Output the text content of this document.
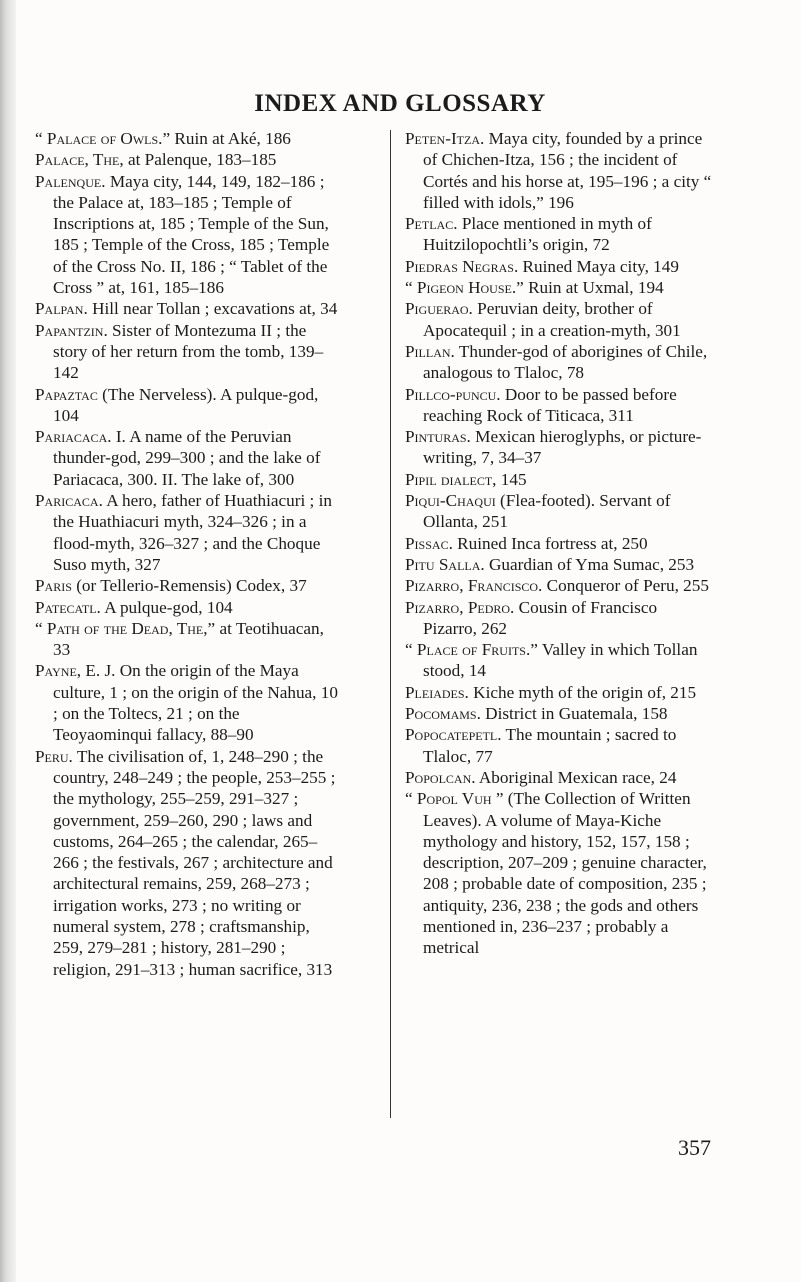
INDEX AND GLOSSARY

“ Palace of Owls.” Ruin at Aké, 186

Palace, The, at Palenque, 183–185

Palenque. Maya city, 144, 149, 182–186 ; the Palace at, 183–185 ; Temple of Inscriptions at, 185 ; Temple of the Sun, 185 ; Temple of the Cross, 185 ; Temple of the Cross No. II, 186 ; “ Tablet of the Cross ” at, 161, 185–186

Palpan. Hill near Tollan ; excavations at, 34

Papantzin. Sister of Montezuma II ; the story of her return from the tomb, 139–142

Papaztac (The Nerveless). A pulque-god, 104

Pariacaca. I. A name of the Peruvian thunder-god, 299–300 ; and the lake of Pariacaca, 300. II. The lake of, 300

Paricaca. A hero, father of Huathiacuri ; in the Huathiacuri myth, 324–326 ; in a flood-myth, 326–327 ; and the Choque Suso myth, 327

Paris (or Tellerio-Remensis) Codex, 37

Patecatl. A pulque-god, 104

“ Path of the Dead, The,” at Teotihuacan, 33

Payne, E. J. On the origin of the Maya culture, 1 ; on the origin of the Nahua, 10 ; on the Toltecs, 21 ; on the Teoyaominqui fallacy, 88–90

Peru. The civilisation of, 1, 248–290 ; the country, 248–249 ; the people, 253–255 ; the mythology, 255–259, 291–327 ; government, 259–260, 290 ; laws and customs, 264–265 ; the calendar, 265–266 ; the festivals, 267 ; architecture and architectural remains, 259, 268–273 ; irrigation works, 273 ; no writing or numeral system, 278 ; craftsmanship, 259, 279–281 ; history, 281–290 ; religion, 291–313 ; human sacrifice, 313

Peten-Itza. Maya city, founded by a prince of Chichen-Itza, 156 ; the incident of Cortés and his horse at, 195–196 ; a city “ filled with idols,” 196

Petlac. Place mentioned in myth of Huitzilopochtli’s origin, 72

Piedras Negras. Ruined Maya city, 149

“ Pigeon House.” Ruin at Uxmal, 194

Piguerao. Peruvian deity, brother of Apocatequil ; in a creation-myth, 301

Pillan. Thunder-god of aborigines of Chile, analogous to Tlaloc, 78

Pillco-puncu. Door to be passed before reaching Rock of Titicaca, 311

Pinturas. Mexican hieroglyphs, or picture-writing, 7, 34–37

Pipil dialect, 145

Piqui-Chaqui (Flea-footed). Servant of Ollanta, 251

Pissac. Ruined Inca fortress at, 250

Pitu Salla. Guardian of Yma Sumac, 253

Pizarro, Francisco. Conqueror of Peru, 255

Pizarro, Pedro. Cousin of Francisco Pizarro, 262

“ Place of Fruits.” Valley in which Tollan stood, 14

Pleiades. Kiche myth of the origin of, 215

Pocomams. District in Guatemala, 158

Popocatepetl. The mountain ; sacred to Tlaloc, 77

Popolcan. Aboriginal Mexican race, 24

“ Popol Vuh ” (The Collection of Written Leaves). A volume of Maya-Kiche mythology and history, 152, 157, 158 ; description, 207–209 ; genuine character, 208 ; probable date of composition, 235 ; antiquity, 236, 238 ; the gods and others mentioned in, 236–237 ; probably a metrical

357
